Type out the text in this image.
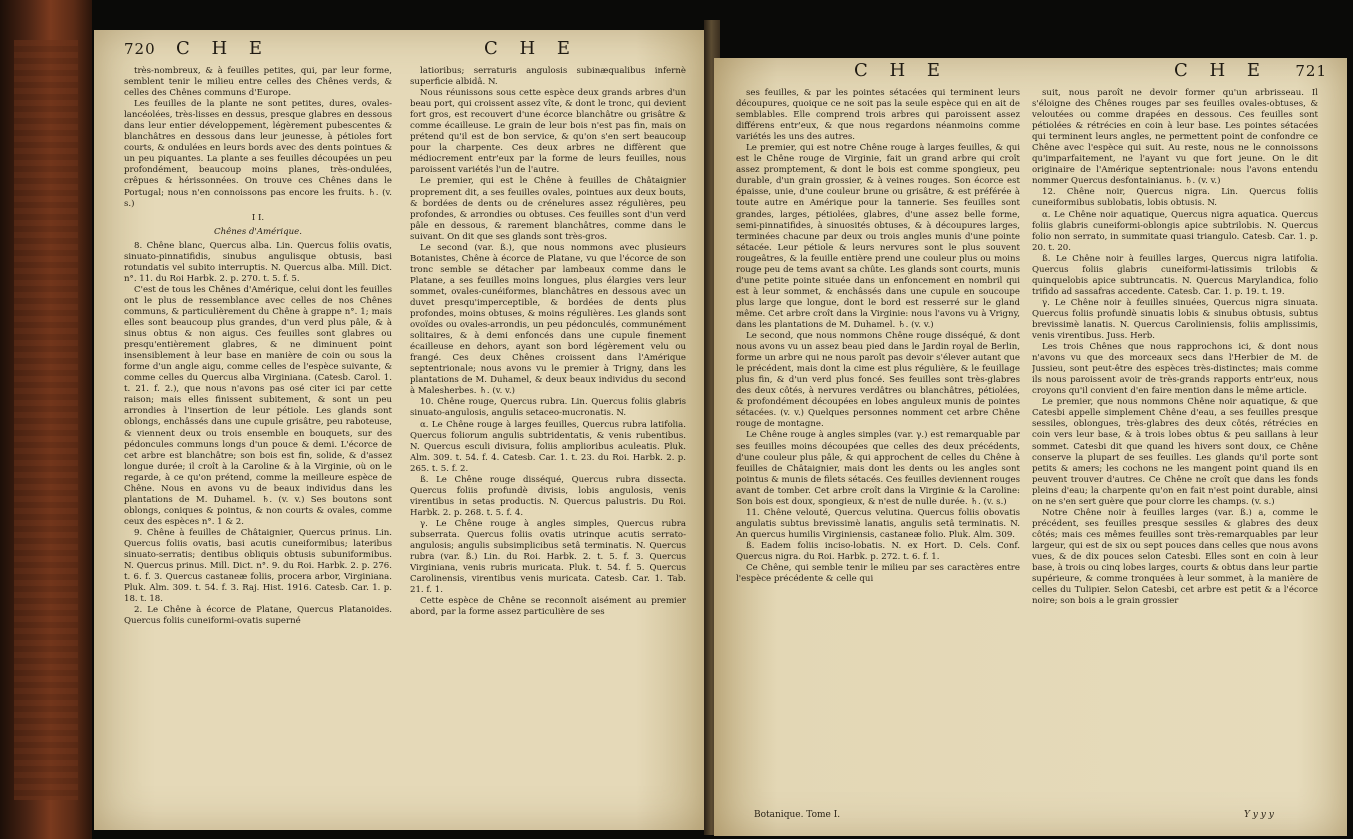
720 C H E	C H E

très-nombreux, & à feuilles petites, qui, par leur forme, semblent tenir le milieu entre celles des Chênes verds, & celles des Chênes communs d'Europe.

Les feuilles de la plante ne sont petites, dures, ovales-lancéolées, très-lisses en dessus, presque glabres en dessous dans leur entier développement, légèrement pubescentes & blanchâtres en dessous dans leur jeunesse, à pétioles fort courts, & ondulées en leurs bords avec des dents pointues & un peu piquantes. La plante a ses feuilles découpées un peu profondément, beaucoup moins planes, très-ondulées, crêpues & hérissonnées. On trouve ces Chênes dans le Portugal; nous n'en connoissons pas encore les fruits. ♄. (v. s.)

I I.

Chênes d'Amérique.

8. Chêne blanc, Quercus alba. Lin. Quercus foliis ovatis, sinuato-pinnatifidis, sinubus angulisque obtusis, basi rotundatis vel subito interruptis. N. Quercus alba. Mill. Dict. n°. 11. du Roi Harbk. 2. p. 270. t. 5. f. 5.

C'est de tous les Chênes d'Amérique, celui dont les feuilles ont le plus de ressemblance avec celles de nos Chênes communs, & particulièrement du Chêne à grappe n°. 1; mais elles sont beaucoup plus grandes, d'un verd plus pâle, & à sinus obtus & non aigus. Ces feuilles sont glabres ou presqu'entièrement glabres, & ne diminuent point insensiblement à leur base en manière de coin ou sous la forme d'un angle aigu, comme celles de l'espèce suivante, & comme celles du Quercus alba Virginiana. (Catesb. Carol. 1. t. 21. f. 2.), que nous n'avons pas osé citer ici par cette raison; mais elles finissent subitement, & sont un peu arrondies à l'insertion de leur pétiole. Les glands sont oblongs, enchâssés dans une cupule grisâtre, peu raboteuse, & viennent deux ou trois ensemble en bouquets, sur des pédoncules communs longs d'un pouce & demi. L'écorce de cet arbre est blanchâtre; son bois est fin, solide, & d'assez longue durée; il croît à la Caroline & à la Virginie, où on le regarde, à ce qu'on prétend, comme la meilleure espèce de Chêne. Nous en avons vu de beaux individus dans les plantations de M. Duhamel. ♄. (v. v.) Ses boutons sont oblongs, coniques & pointus, & non courts & ovales, comme ceux des espèces n°. 1 & 2.

9. Chêne à feuilles de Châtaignier, Quercus prinus. Lin. Quercus foliis ovatis, basi acutis cuneiformibus; lateribus sinuato-serratis; dentibus obliquis obtusis subuniformibus. N. Quercus prinus. Mill. Dict. n°. 9. du Roi. Harbk. 2. p. 276. t. 6. f. 3. Quercus castaneæ foliis, procera arbor, Virginiana. Pluk. Alm. 309. t. 54. f. 3. Raj. Hist. 1916. Catesb. Car. 1. p. 18. t. 18.

2. Le Chêne à écorce de Platane, Quercus Platanoides. Quercus foliis cuneiformi-ovatis superné

latioribus; serraturis angulosis subinæqualibus infernè superficie albidâ. N.

Nous réunissons sous cette espèce deux grands arbres d'un beau port, qui croissent assez vîte, & dont le tronc, qui devient fort gros, est recouvert d'une écorce blanchâtre ou grisâtre & comme écailleuse. Le grain de leur bois n'est pas fin, mais on prétend qu'il est de bon service, & qu'on s'en sert beaucoup pour la charpente. Ces deux arbres ne diffèrent que médiocrement entr'eux par la forme de leurs feuilles, nous paroissent variétés l'un de l'autre.

Le premier, qui est le Chêne à feuilles de Châtaignier proprement dit, a ses feuilles ovales, pointues aux deux bouts, & bordées de dents ou de crénelures assez régulières, peu profondes, & arrondies ou obtuses. Ces feuilles sont d'un verd pâle en dessous, & rarement blanchâtres, comme dans le suivant. On dit que ses glands sont très-gros.

Le second (var. ß.), que nous nommons avec plusieurs Botanistes, Chêne à écorce de Platane, vu que l'écorce de son tronc semble se détacher par lambeaux comme dans le Platane, a ses feuilles moins longues, plus élargies vers leur sommet, ovales-cunéiformes, blanchâtres en dessous avec un duvet presqu'imperceptible, & bordées de dents plus profondes, moins obtuses, & moins régulières. Les glands sont ovoïdes ou ovales-arrondis, un peu pédonculés, communément solitaires, & à demi enfoncés dans une cupule finement écailleuse en dehors, ayant son bord légèrement velu ou frangé. Ces deux Chênes croissent dans l'Amérique septentrionale; nous avons vu le premier à Trigny, dans les plantations de M. Duhamel, & deux beaux individus du second à Malesherbes. ♄. (v. v.)

10. Chêne rouge, Quercus rubra. Lin. Quercus foliis glabris sinuato-angulosis, angulis setaceo-mucronatis. N.

α. Le Chêne rouge à larges feuilles, Quercus rubra latifolia. Quercus foliorum angulis subtridentatis, & venis rubentibus. N. Quercus esculi divisura, foliis amplioribus aculeatis. Pluk. Alm. 309. t. 54. f. 4. Catesb. Car. 1. t. 23. du Roi. Harbk. 2. p. 265. t. 5. f. 2.

ß. Le Chêne rouge disséqué, Quercus rubra dissecta. Quercus foliis profundè divisis, lobis angulosis, venis virentibus in setas productis. N. Quercus palustris. Du Roi. Harbk. 2. p. 268. t. 5. f. 4.

γ. Le Chêne rouge à angles simples, Quercus rubra subserrata. Quercus foliis ovatis utrinque acutis serrato-angulosis; angulis subsimplicibus setâ terminatis. N. Quercus rubra (var. ß.) Lin. du Roi. Harbk. 2. t. 5. f. 3. Quercus Virginiana, venis rubris muricata. Pluk. t. 54. f. 5. Quercus Carolinensis, virentibus venis muricata. Catesb. Car. 1. Tab. 21. f. 1.

Cette espèce de Chêne se reconnoît aisément au premier abord, par la forme assez particulière de ses

C H E	C H E 721

ses feuilles, & par les pointes sétacées qui terminent leurs découpures, quoique ce ne soit pas la seule espèce qui en ait de semblables. Elle comprend trois arbres qui paroissent assez différens entr'eux, & que nous regardons néanmoins comme variétés les uns des autres.

Le premier, qui est notre Chêne rouge à larges feuilles, & qui est le Chêne rouge de Virginie, fait un grand arbre qui croît assez promptement, & dont le bois est comme spongieux, peu durable, d'un grain grossier, & à veines rouges. Son écorce est épaisse, unie, d'une couleur brune ou grisâtre, & est préférée à toute autre en Amérique pour la tannerie. Ses feuilles sont grandes, larges, pétiolées, glabres, d'une assez belle forme, semi-pinnatifides, à sinuosités obtuses, & à découpures larges, terminées chacune par deux ou trois angles munis d'une pointe sétacée. Leur pétiole & leurs nervures sont le plus souvent rougeâtres, & la feuille entière prend une couleur plus ou moins rouge peu de tems avant sa chûte. Les glands sont courts, munis d'une petite pointe située dans un enfoncement en nombril qui est à leur sommet, & enchâssés dans une cupule en soucoupe plus large que longue, dont le bord est resserré sur le gland même. Cet arbre croît dans la Virginie: nous l'avons vu à Vrigny, dans les plantations de M. Duhamel. ♄. (v. v.)

Le second, que nous nommons Chêne rouge disséqué, & dont nous avons vu un assez beau pied dans le Jardin royal de Berlin, forme un arbre qui ne nous paroît pas devoir s'élever autant que le précédent, mais dont la cime est plus régulière, & le feuillage plus fin, & d'un verd plus foncé. Ses feuilles sont très-glabres des deux côtés, à nervures verdâtres ou blanchâtres, pétiolées, & profondément découpées en lobes anguleux munis de pointes sétacées. (v. v.) Quelques personnes nomment cet arbre Chêne rouge de montagne.

Le Chêne rouge à angles simples (var. γ.) est remarquable par ses feuilles moins découpées que celles des deux précédents, d'une couleur plus pâle, & qui approchent de celles du Chêne à feuilles de Châtaignier, mais dont les dents ou les angles sont pointus & munis de filets sétacés. Ces feuilles deviennent rouges avant de tomber. Cet arbre croît dans la Virginie & la Caroline: Son bois est doux, spongieux, & n'est de nulle durée. ♄. (v. s.)

11. Chêne velouté, Quercus velutina. Quercus foliis obovatis angulatis subtus brevissimè lanatis, angulis setâ terminatis. N. An quercus humilis Virginiensis, castaneæ folio. Pluk. Alm. 309.

ß. Eadem foliis inciso-lobatis. N. ex Hort. D. Cels. Conf. Quercus nigra. du Roi. Harbk. p. 272. t. 6. f. 1.

Ce Chêne, qui semble tenir le milieu par ses caractères entre l'espèce précédente & celle qui

suit, nous paroît ne devoir former qu'un arbrisseau. Il s'éloigne des Chênes rouges par ses feuilles ovales-obtuses, & veloutées ou comme drapées en dessous. Ces feuilles sont pétiolées & rétrécies en coin à leur base. Les pointes sétacées qui terminent leurs angles, ne permettent point de confondre ce Chêne avec l'espèce qui suit. Au reste, nous ne le connoissons qu'imparfaitement, ne l'ayant vu que fort jeune. On le dit originaire de l'Amérique septentrionale: nous l'avons entendu nommer Quercus desfontainianus. ♄. (v. v.)

12. Chêne noir, Quercus nigra. Lin. Quercus foliis cuneiformibus sublobatis, lobis obtusis. N.

α. Le Chêne noir aquatique, Quercus nigra aquatica. Quercus foliis glabris cuneiformi-oblongis apice subtrilobis. N. Quercus folio non serrato, in summitate quasi triangulo. Catesb. Car. 1. p. 20. t. 20.

ß. Le Chêne noir à feuilles larges, Quercus nigra latifolia. Quercus foliis glabris cuneiformi-latissimis trilobis & quinquelobis apice subtruncatis. N. Quercus Marylandica, folio trifido ad sassafras accedente. Catesb. Car. 1. p. 19. t. 19.

γ. Le Chêne noir à feuilles sinuées, Quercus nigra sinuata. Quercus foliis profundè sinuatis lobis & sinubus obtusis, subtus brevissimè lanatis. N. Quercus Caroliniensis, foliis amplissimis, venis virentibus. Juss. Herb.

Les trois Chênes que nous rapprochons ici, & dont nous n'avons vu que des morceaux secs dans l'Herbier de M. de Jussieu, sont peut-être des espèces très-distinctes; mais comme ils nous paroissent avoir de très-grands rapports entr'eux, nous croyons qu'il convient d'en faire mention dans le même article.

Le premier, que nous nommons Chêne noir aquatique, & que Catesbi appelle simplement Chêne d'eau, a ses feuilles presque sessiles, oblongues, très-glabres des deux côtés, rétrécies en coin vers leur base, & à trois lobes obtus & peu saillans à leur sommet. Catesbi dit que quand les hivers sont doux, ce Chêne conserve la plupart de ses feuilles. Les glands qu'il porte sont petits & amers; les cochons ne les mangent point quand ils en peuvent trouver d'autres. Ce Chêne ne croît que dans les fonds pleins d'eau; la charpente qu'on en fait n'est point durable, ainsi on ne s'en sert guère que pour clorre les champs. (v. s.)

Notre Chêne noir à feuilles larges (var. ß.) a, comme le précédent, ses feuilles presque sessiles & glabres des deux côtés; mais ces mêmes feuilles sont très-remarquables par leur largeur, qui est de six ou sept pouces dans celles que nous avons vues, & de dix pouces selon Catesbi. Elles sont en coin à leur base, à trois ou cinq lobes larges, courts & obtus dans leur partie supérieure, & comme tronquées à leur sommet, à la manière de celles du Tulipier. Selon Catesbi, cet arbre est petit & a l'écorce noire; son bois a le grain grossier

Botanique. Tome I.	Y y y y
